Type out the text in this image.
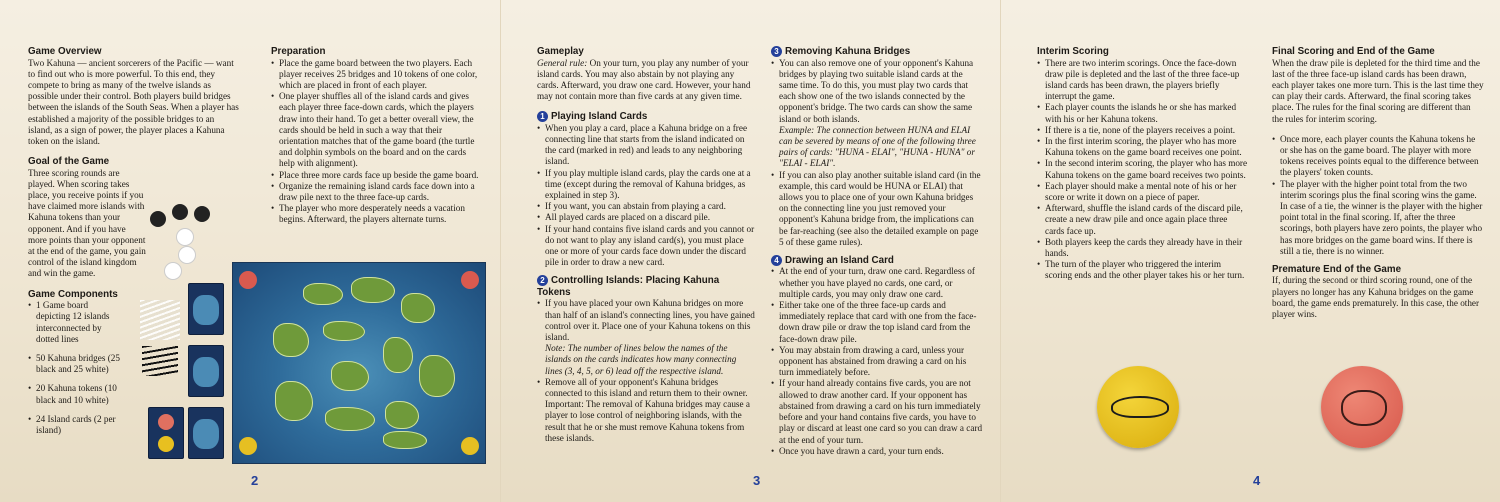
Game Overview

Two Kahuna — ancient sorcerers of the Pacific — want to find out who is more powerful. To this end, they compete to bring as many of the twelve islands as possible under their control. Both players build bridges between the islands of the South Seas. When a player has established a majority of the possible bridges to an island, as a sign of power, the player places a Kahuna token on the island.

Goal of the Game

Three scoring rounds are played. When scoring takes place, you receive points if you have claimed more islands with Kahuna tokens than your opponent. And if you have more points than your opponent at the end of the game, you gain control of the island kingdom and win the game.

Game Components
• 1 Game board depicting 12 islands interconnected by dotted lines
• 50 Kahuna bridges (25 black and 25 white)
• 20 Kahuna tokens (10 black and 10 white)
• 24 Island cards (2 per island)
2
Preparation
• Place the game board between the two players. Each player receives 25 bridges and 10 tokens of one color, which are placed in front of each player.
• One player shuffles all of the island cards and gives each player three face-down cards, which the players draw into their hand. To get a better overall view, the cards should be held in such a way that their orientation matches that of the game board (the turtle and dolphin symbols on the board and on the cards help with alignment).
• Place three more cards face up beside the game board.
• Organize the remaining island cards face down into a draw pile next to the three face-up cards.
• The player who more desperately needs a vacation begins. Afterward, the players alternate turns.
Gameplay

General rule: On your turn, you play any number of your island cards. You may also abstain by not playing any cards. Afterward, you draw one card. However, your hand may not contain more than five cards at any given time.

1 Playing Island Cards
• When you play a card, place a Kahuna bridge on a free connecting line that starts from the island indicated on the card (marked in red) and leads to any neighboring island.
• If you play multiple island cards, play the cards one at a time (except during the removal of Kahuna bridges, as explained in step 3).
• If you want, you can abstain from playing a card.
• All played cards are placed on a discard pile.
• If your hand contains five island cards and you cannot or do not want to play any island card(s), you must place one or more of your cards face down under the discard pile in order to draw a new card.
2 Controlling Islands: Placing Kahuna Tokens
• If you have placed your own Kahuna bridges on more than half of an island's connecting lines, you have gained control over it. Place one of your Kahuna tokens on this island.
Note: The number of lines below the names of the islands on the cards indicates how many connecting lines (3, 4, 5, or 6) lead off the respective island.
• Remove all of your opponent's Kahuna bridges connected to this island and return them to their owner.
Important: The removal of Kahuna bridges may cause a player to lose control of neighboring islands, with the result that he or she must remove Kahuna tokens from these islands.
3
3 Removing Kahuna Bridges
• You can also remove one of your opponent's Kahuna bridges by playing two suitable island cards at the same time. To do this, you must play two cards that each show one of the two islands connected by the opponent's bridge. The two cards can show the same island or both islands.
Example: The connection between HUNA and ELAI can be severed by means of one of the following three pairs of cards: "HUNA - ELAI", "HUNA - HUNA" or "ELAI - ELAI".
• If you can also play another suitable island card (in the example, this card would be HUNA or ELAI) that allows you to place one of your own Kahuna bridges on the connecting line you just removed your opponent's Kahuna bridge from, the implications can be far-reaching (see also the detailed example on page 5 of these game rules).
4 Drawing an Island Card
• At the end of your turn, draw one card. Regardless of whether you have played no cards, one card, or multiple cards, you may only draw one card.
• Either take one of the three face-up cards and immediately replace that card with one from the face-down draw pile or draw the top island card from the face-down draw pile.
• You may abstain from drawing a card, unless your opponent has abstained from drawing a card on his turn immediately before.
• If your hand already contains five cards, you are not allowed to draw another card. If your opponent has abstained from drawing a card on his turn immediately before and your hand contains five cards, you have to play or discard at least one card so you can draw a card at the end of your turn.
• Once you have drawn a card, your turn ends.
Interim Scoring
• There are two interim scorings. Once the face-down draw pile is depleted and the last of the three face-up island cards has been drawn, the players briefly interrupt the game.
• Each player counts the islands he or she has marked with his or her Kahuna tokens.
• If there is a tie, none of the players receives a point.
• In the first interim scoring, the player who has more Kahuna tokens on the game board receives one point.
• In the second interim scoring, the player who has more Kahuna tokens on the game board receives two points.
• Each player should make a mental note of his or her score or write it down on a piece of paper.
• Afterward, shuffle the island cards of the discard pile, create a new draw pile and once again place three cards face up.
• Both players keep the cards they already have in their hands.
• The turn of the player who triggered the interim scoring ends and the other player takes his or her turn.
4
Final Scoring and End of the Game

When the draw pile is depleted for the third time and the last of the three face-up island cards has been drawn, each player takes one more turn. This is the last time they can play their cards. Afterward, the final scoring takes place. The rules for the final scoring are different than the rules for interim scoring.

• Once more, each player counts the Kahuna tokens he or she has on the game board. The player with more tokens receives points equal to the difference between the players' token counts.
• The player with the higher point total from the two interim scorings plus the final scoring wins the game. In case of a tie, the winner is the player with the higher point total in the final scoring. If, after the three scorings, both players have zero points, the player who has more bridges on the game board wins. If there is still a tie, there is no winner.
Premature End of the Game

If, during the second or third scoring round, one of the players no longer has any Kahuna bridges on the game board, the game ends prematurely. In this case, the other player wins.
